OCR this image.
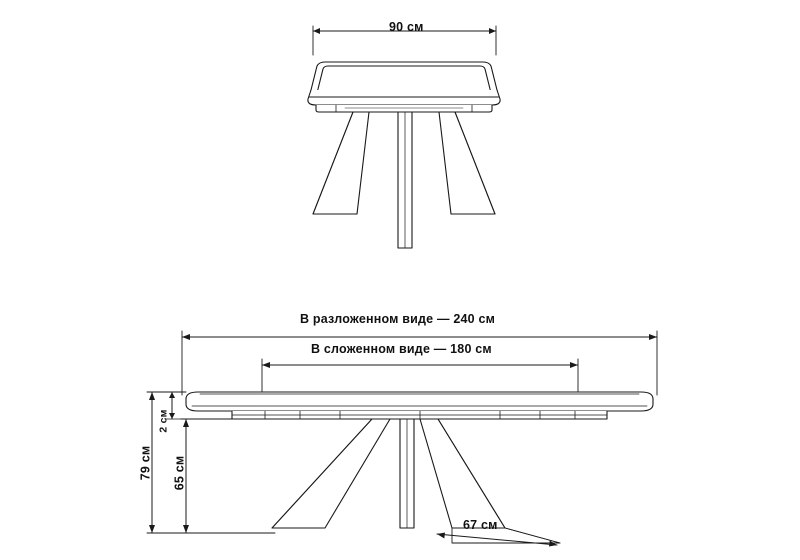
90 см
В разложенном виде — 240 см
В сложенном виде — 180 см
79 см 65 см
2 см
67 см
